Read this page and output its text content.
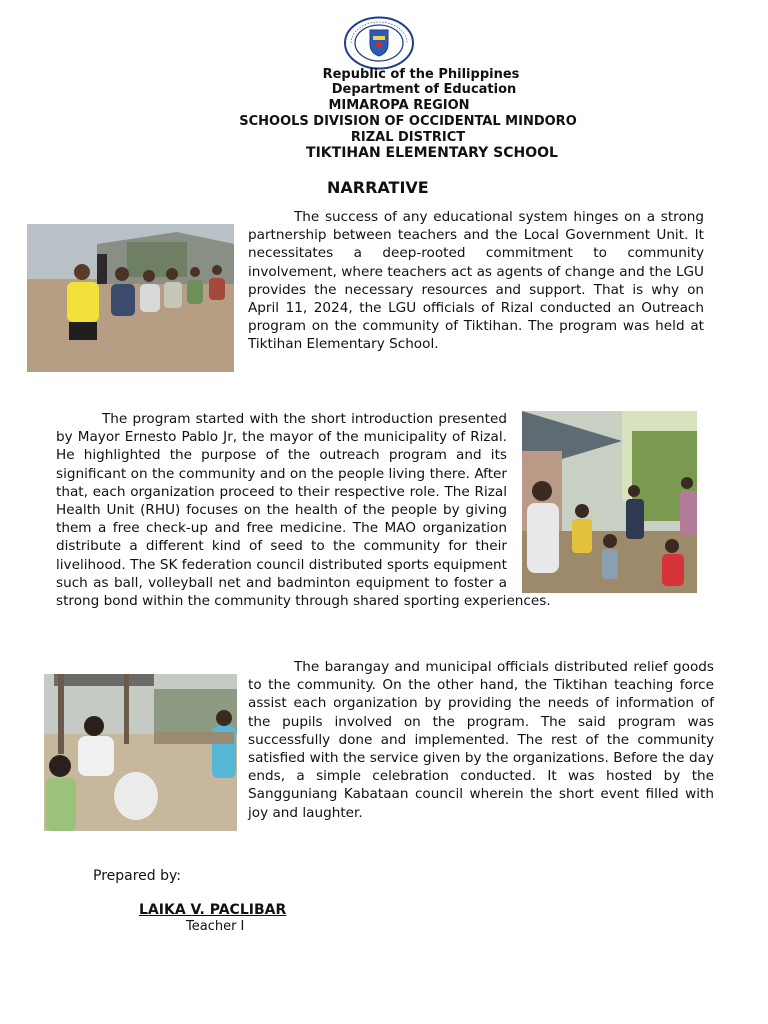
Republic of the Philippines
Department of Education
MIMAROPA REGION
SCHOOLS DIVISION OF OCCIDENTAL MINDORO
RIZAL DISTRICT
TIKTIHAN ELEMENTARY SCHOOL
NARRATIVE
The success of any educational system hinges on a strong partnership between teachers and the Local Government Unit. It necessitates a deep-rooted commitment to community involvement, where teachers act as agents of change and the LGU provides the necessary resources and support. That is why on April 11, 2024, the LGU officials of Rizal conducted an Outreach program on the community of Tiktihan. The program was held at Tiktihan Elementary School.
The program started with the short introduction presented by Mayor Ernesto Pablo Jr, the mayor of the municipality of Rizal. He highlighted the purpose of the outreach program and its significant on the community and on the people living there. After that, each organization proceed to their respective role. The Rizal Health Unit (RHU) focuses on the health of the people by giving them a free check-up and free medicine. The MAO organization distribute a different kind of seed to the community for their livelihood. The SK federation council distributed sports equipment such as ball, volleyball net and badminton equipment to foster a strong bond within the community through shared sporting experiences.
The barangay and municipal officials distributed relief goods to the community. On the other hand, the Tiktihan teaching force assist each organization by providing the needs of information of the pupils involved on the program. The said program was successfully done and implemented. The rest of the community satisfied with the service given by the organizations. Before the day ends, a simple celebration conducted. It was hosted by the Sangguniang Kabataan council wherein the short event filled with joy and laughter.
Prepared by:
LAIKA V. PACLIBAR
Teacher I
